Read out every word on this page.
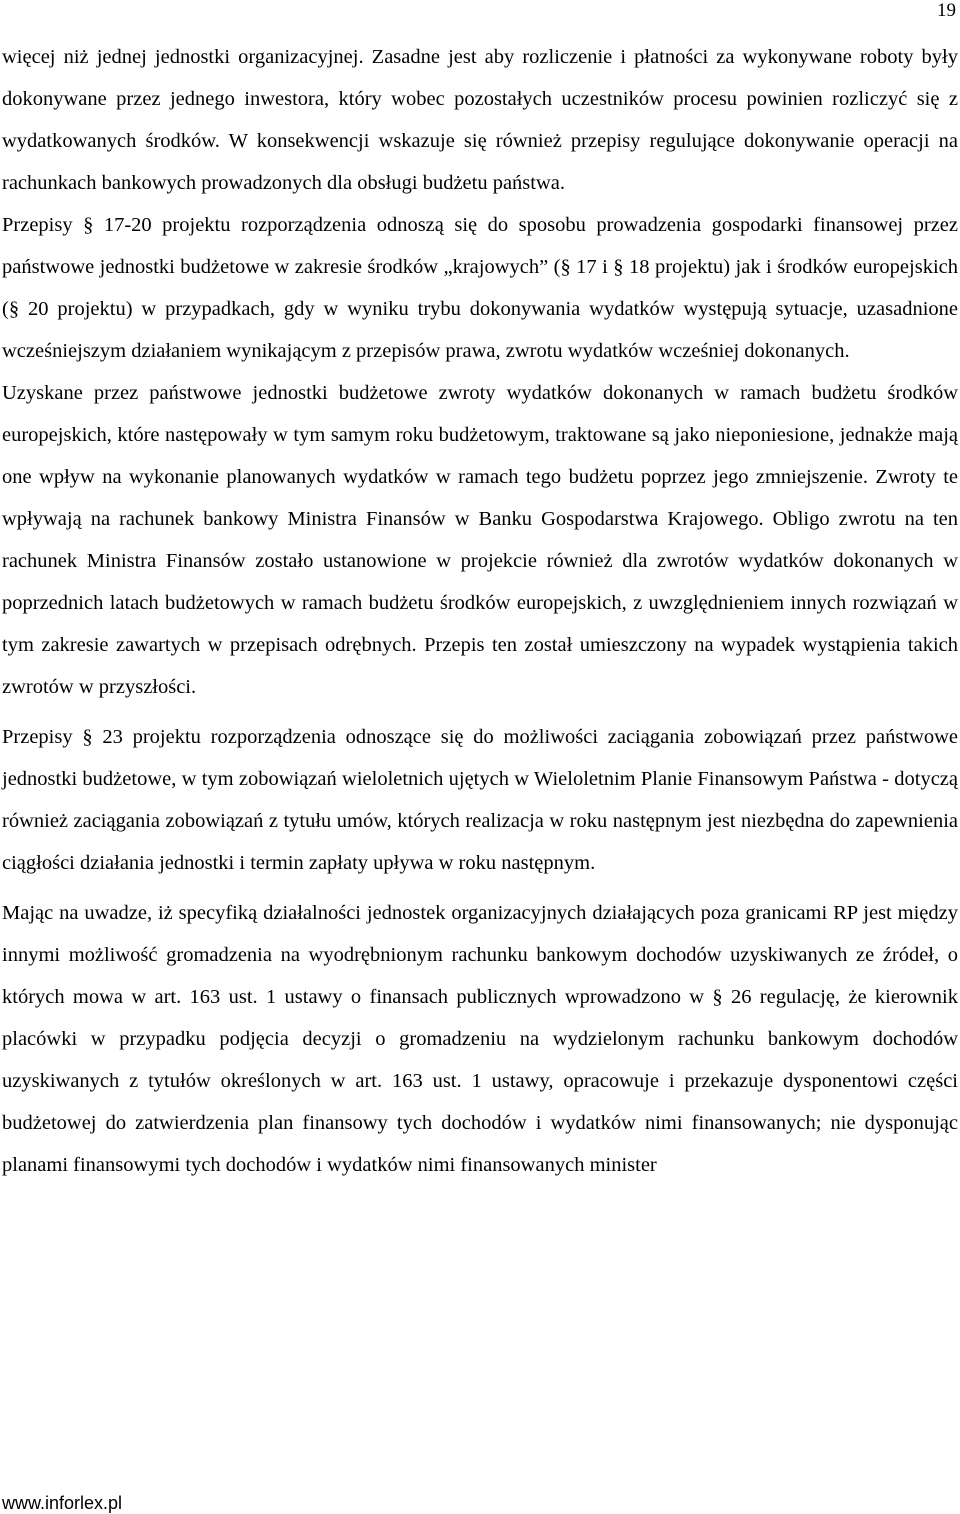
19

więcej niż jednej jednostki organizacyjnej. Zasadne jest aby rozliczenie i płatności za wykonywane roboty były dokonywane przez jednego inwestora, który wobec pozostałych uczestników procesu powinien rozliczyć się z wydatkowanych środków. W konsekwencji wskazuje się również przepisy regulujące dokonywanie operacji na rachunkach bankowych prowadzonych dla obsługi budżetu państwa.

Przepisy § 17-20 projektu rozporządzenia odnoszą się do sposobu prowadzenia gospodarki finansowej przez państwowe jednostki budżetowe w zakresie środków „krajowych” (§ 17 i § 18 projektu) jak i środków europejskich (§ 20 projektu) w przypadkach, gdy w wyniku trybu dokonywania wydatków występują sytuacje, uzasadnione wcześniejszym działaniem wynikającym z przepisów prawa, zwrotu wydatków wcześniej dokonanych.

Uzyskane przez państwowe jednostki budżetowe zwroty wydatków dokonanych w ramach budżetu środków europejskich, które następowały w tym samym roku budżetowym, traktowane są jako nieponiesione, jednakże mają one wpływ na wykonanie planowanych wydatków w ramach tego budżetu poprzez jego zmniejszenie. Zwroty te wpływają na rachunek bankowy Ministra Finansów w Banku Gospodarstwa Krajowego. Obligo zwrotu na ten rachunek Ministra Finansów zostało ustanowione w projekcie również dla zwrotów wydatków dokonanych w poprzednich latach budżetowych w ramach budżetu środków europejskich, z uwzględnieniem innych rozwiązań w tym zakresie zawartych w przepisach odrębnych. Przepis ten został umieszczony na wypadek wystąpienia takich zwrotów w przyszłości.

Przepisy § 23 projektu rozporządzenia odnoszące się do możliwości zaciągania zobowiązań przez państwowe jednostki budżetowe, w tym zobowiązań wieloletnich ujętych w Wieloletnim Planie Finansowym Państwa - dotyczą również zaciągania zobowiązań z tytułu umów, których realizacja w roku następnym jest niezbędna do zapewnienia ciągłości działania jednostki i termin zapłaty upływa w roku następnym.

Mając na uwadze, iż specyfiką działalności jednostek organizacyjnych działających poza granicami RP jest między innymi możliwość gromadzenia na wyodrębnionym rachunku bankowym dochodów uzyskiwanych ze źródeł, o których mowa w art. 163 ust. 1 ustawy o finansach publicznych wprowadzono w § 26 regulację, że kierownik placówki w przypadku podjęcia decyzji o gromadzeniu na wydzielonym rachunku bankowym dochodów uzyskiwanych z tytułów określonych w art. 163 ust. 1 ustawy, opracowuje i przekazuje dysponentowi części budżetowej do zatwierdzenia plan finansowy tych dochodów i wydatków nimi finansowanych; nie dysponując planami finansowymi tych dochodów i wydatków nimi finansowanych minister

www.inforlex.pl
